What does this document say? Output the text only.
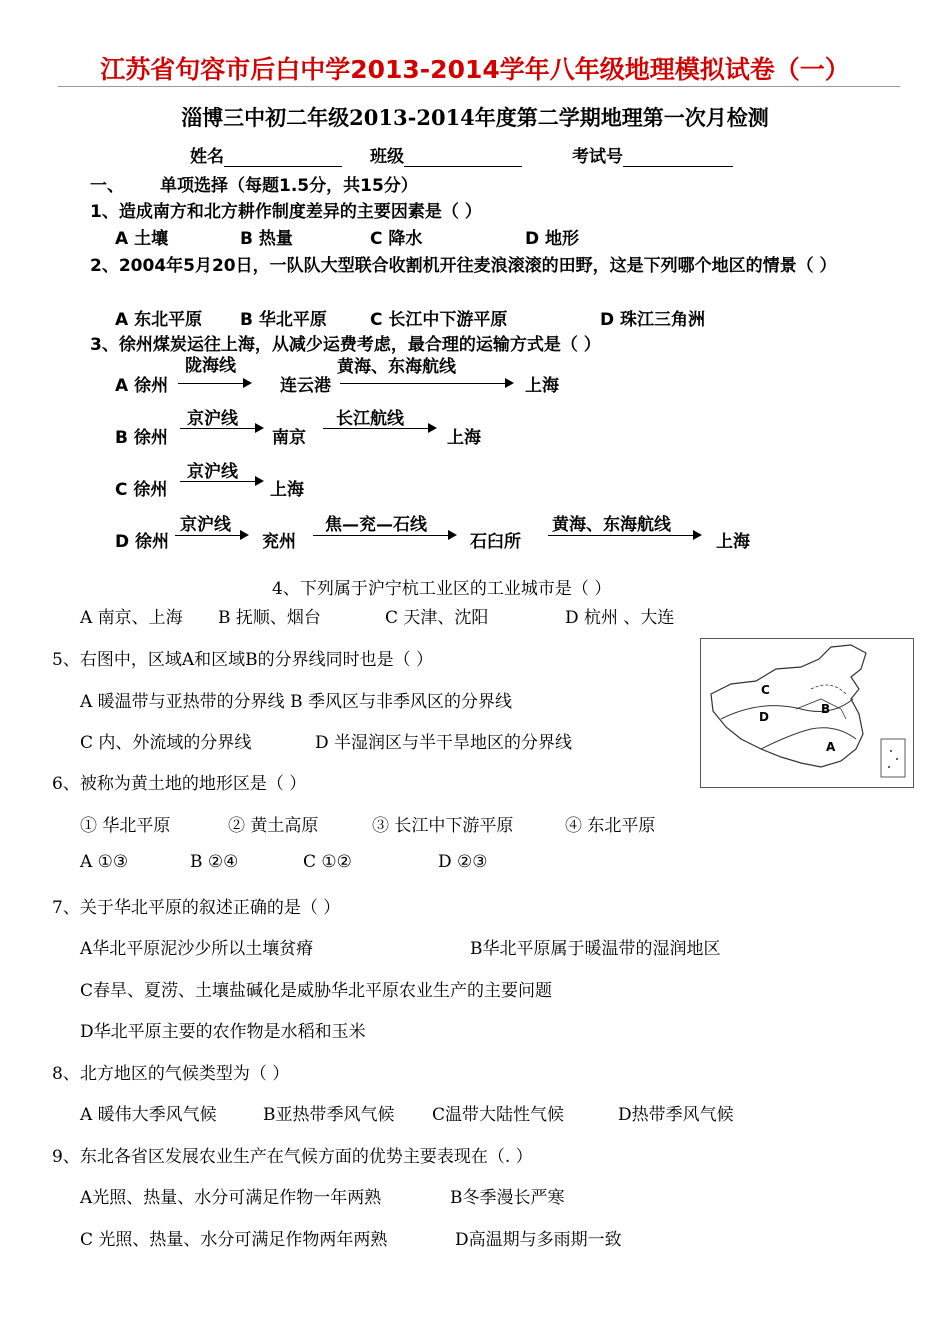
江苏省句容市后白中学2013-2014学年八年级地理模拟试卷（一）
淄博三中初二年级2013-2014年度第二学期地理第一次月检测
姓名	班级	考试号
一、 单项选择（每题1.5分，共15分）
1、造成南方和北方耕作制度差异的主要因素是（ ）
A 土壤	B 热量	C 降水	D 地形
2、2004年5月20日，一队队大型联合收割机开往麦浪滚滚的田野，这是下列哪个地区的情景（ ）
A 东北平原 B 华北平原	C 长江中下游平原	D 珠江三角洲
3、徐州煤炭运往上海，从减少运费考虑，最合理的运输方式是（ ）
A 徐州
陇海线
连云港
黄海、东海航线
上海
B 徐州
京沪线
南京
长江航线
上海
C 徐州
京沪线
上海
D 徐州
京沪线
兖州
焦—兖—石线
石臼所
黄海、东海航线
上海
4、下列属于沪宁杭工业区的工业城市是（ ）
A 南京、上海 B 抚顺、烟台	C 天津、沈阳	D 杭州 、大连
5、右图中，区域A和区域B的分界线同时也是（ ）
A 暖温带与亚热带的分界线 B 季风区与非季风区的分界线
C 内、外流域的分界线	D 半湿润区与半干旱地区的分界线
C
D
B
A
6、被称为黄土地的地形区是（ ）
① 华北平原	② 黄土高原	③ 长江中下游平原	④ 东北平原
A ①③	B ②④	C ①②	D ②③
7、关于华北平原的叙述正确的是（ ）
A华北平原泥沙少所以土壤贫瘠	B华北平原属于暖温带的湿润地区
C春旱、夏涝、土壤盐碱化是威胁华北平原农业生产的主要问题
D华北平原主要的农作物是水稻和玉米
8、北方地区的气候类型为（ ）
A 暖伟大季风气候	B亚热带季风气候 C温带大陆性气候	D热带季风气候
9、东北各省区发展农业生产在气候方面的优势主要表现在（. ）
A光照、热量、水分可满足作物一年两熟	B冬季漫长严寒
C 光照、热量、水分可满足作物两年两熟	D高温期与多雨期一致
